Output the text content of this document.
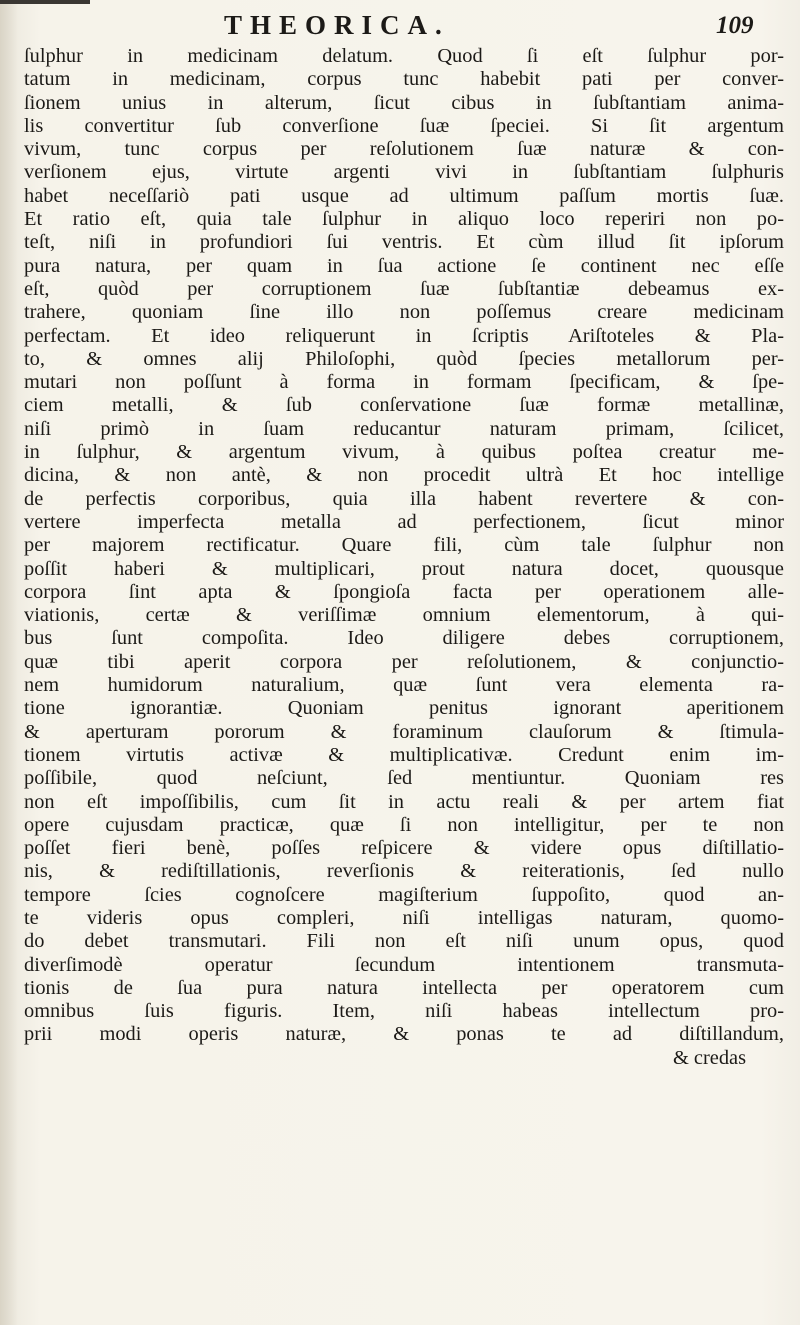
THEORICA.	109
ſulphur in medicinam delatum. Quod ſi eſt ſulphur por-
tatum in medicinam, corpus tunc habebit pati per conver-
ſionem unius in alterum, ſicut cibus in ſubſtantiam anima-
lis convertitur ſub converſione ſuæ ſpeciei. Si ſit argentum
vivum, tunc corpus per reſolutionem ſuæ naturæ & con-
verſionem ejus, virtute argenti vivi in ſubſtantiam ſulphuris
habet neceſſariò pati usque ad ultimum paſſum mortis ſuæ.
Et ratio eſt, quia tale ſulphur in aliquo loco reperiri non po-
teſt, niſi in profundiori ſui ventris. Et cùm illud ſit ipſorum
pura natura, per quam in ſua actione ſe continent nec eſſe
eſt, quòd per corruptionem ſuæ ſubſtantiæ debeamus ex-
trahere, quoniam ſine illo non poſſemus creare medicinam
perfectam. Et ideo reliquerunt in ſcriptis Ariſtoteles & Pla-
to, & omnes alij Philoſophi, quòd ſpecies metallorum per-
mutari non poſſunt à forma in formam ſpecificam, & ſpe-
ciem metalli, & ſub conſervatione ſuæ formæ metallinæ,
niſi primò in ſuam reducantur naturam primam, ſcilicet,
in ſulphur, & argentum vivum, à quibus poſtea creatur me-
dicina, & non antè, & non procedit ultrà Et hoc intellige
de perfectis corporibus, quia illa habent revertere & con-
vertere imperfecta metalla ad perfectionem, ſicut minor
per majorem rectificatur. Quare fili, cùm tale ſulphur non
poſſit haberi & multiplicari, prout natura docet, quousque
corpora ſint apta & ſpongioſa facta per operationem alle-
viationis, certæ & veriſſimæ omnium elementorum, à qui-
bus ſunt compoſita. Ideo diligere debes corruptionem,
quæ tibi aperit corpora per reſolutionem, & conjunctio-
nem humidorum naturalium, quæ ſunt vera elementa ra-
tione ignorantiæ. Quoniam penitus ignorant aperitionem
& aperturam pororum & foraminum clauſorum & ſtimula-
tionem virtutis activæ & multiplicativæ. Credunt enim im-
poſſibile, quod neſciunt, ſed mentiuntur. Quoniam res
non eſt impoſſibilis, cum ſit in actu reali & per artem fiat
opere cujusdam practicæ, quæ ſi non intelligitur, per te non
poſſet fieri benè, poſſes reſpicere & videre opus diſtillatio-
nis, & rediſtillationis, reverſionis & reiterationis, ſed nullo
tempore ſcies cognoſcere magiſterium ſuppoſito, quod an-
te videris opus compleri, niſi intelligas naturam, quomo-
do debet transmutari. Fili non eſt niſi unum opus, quod
diverſimodè operatur ſecundum intentionem transmuta-
tionis de ſua pura natura intellecta per operatorem cum
omnibus ſuis figuris. Item, niſi habeas intellectum pro-
prii modi operis naturæ, & ponas te ad diſtillandum,
& credas
